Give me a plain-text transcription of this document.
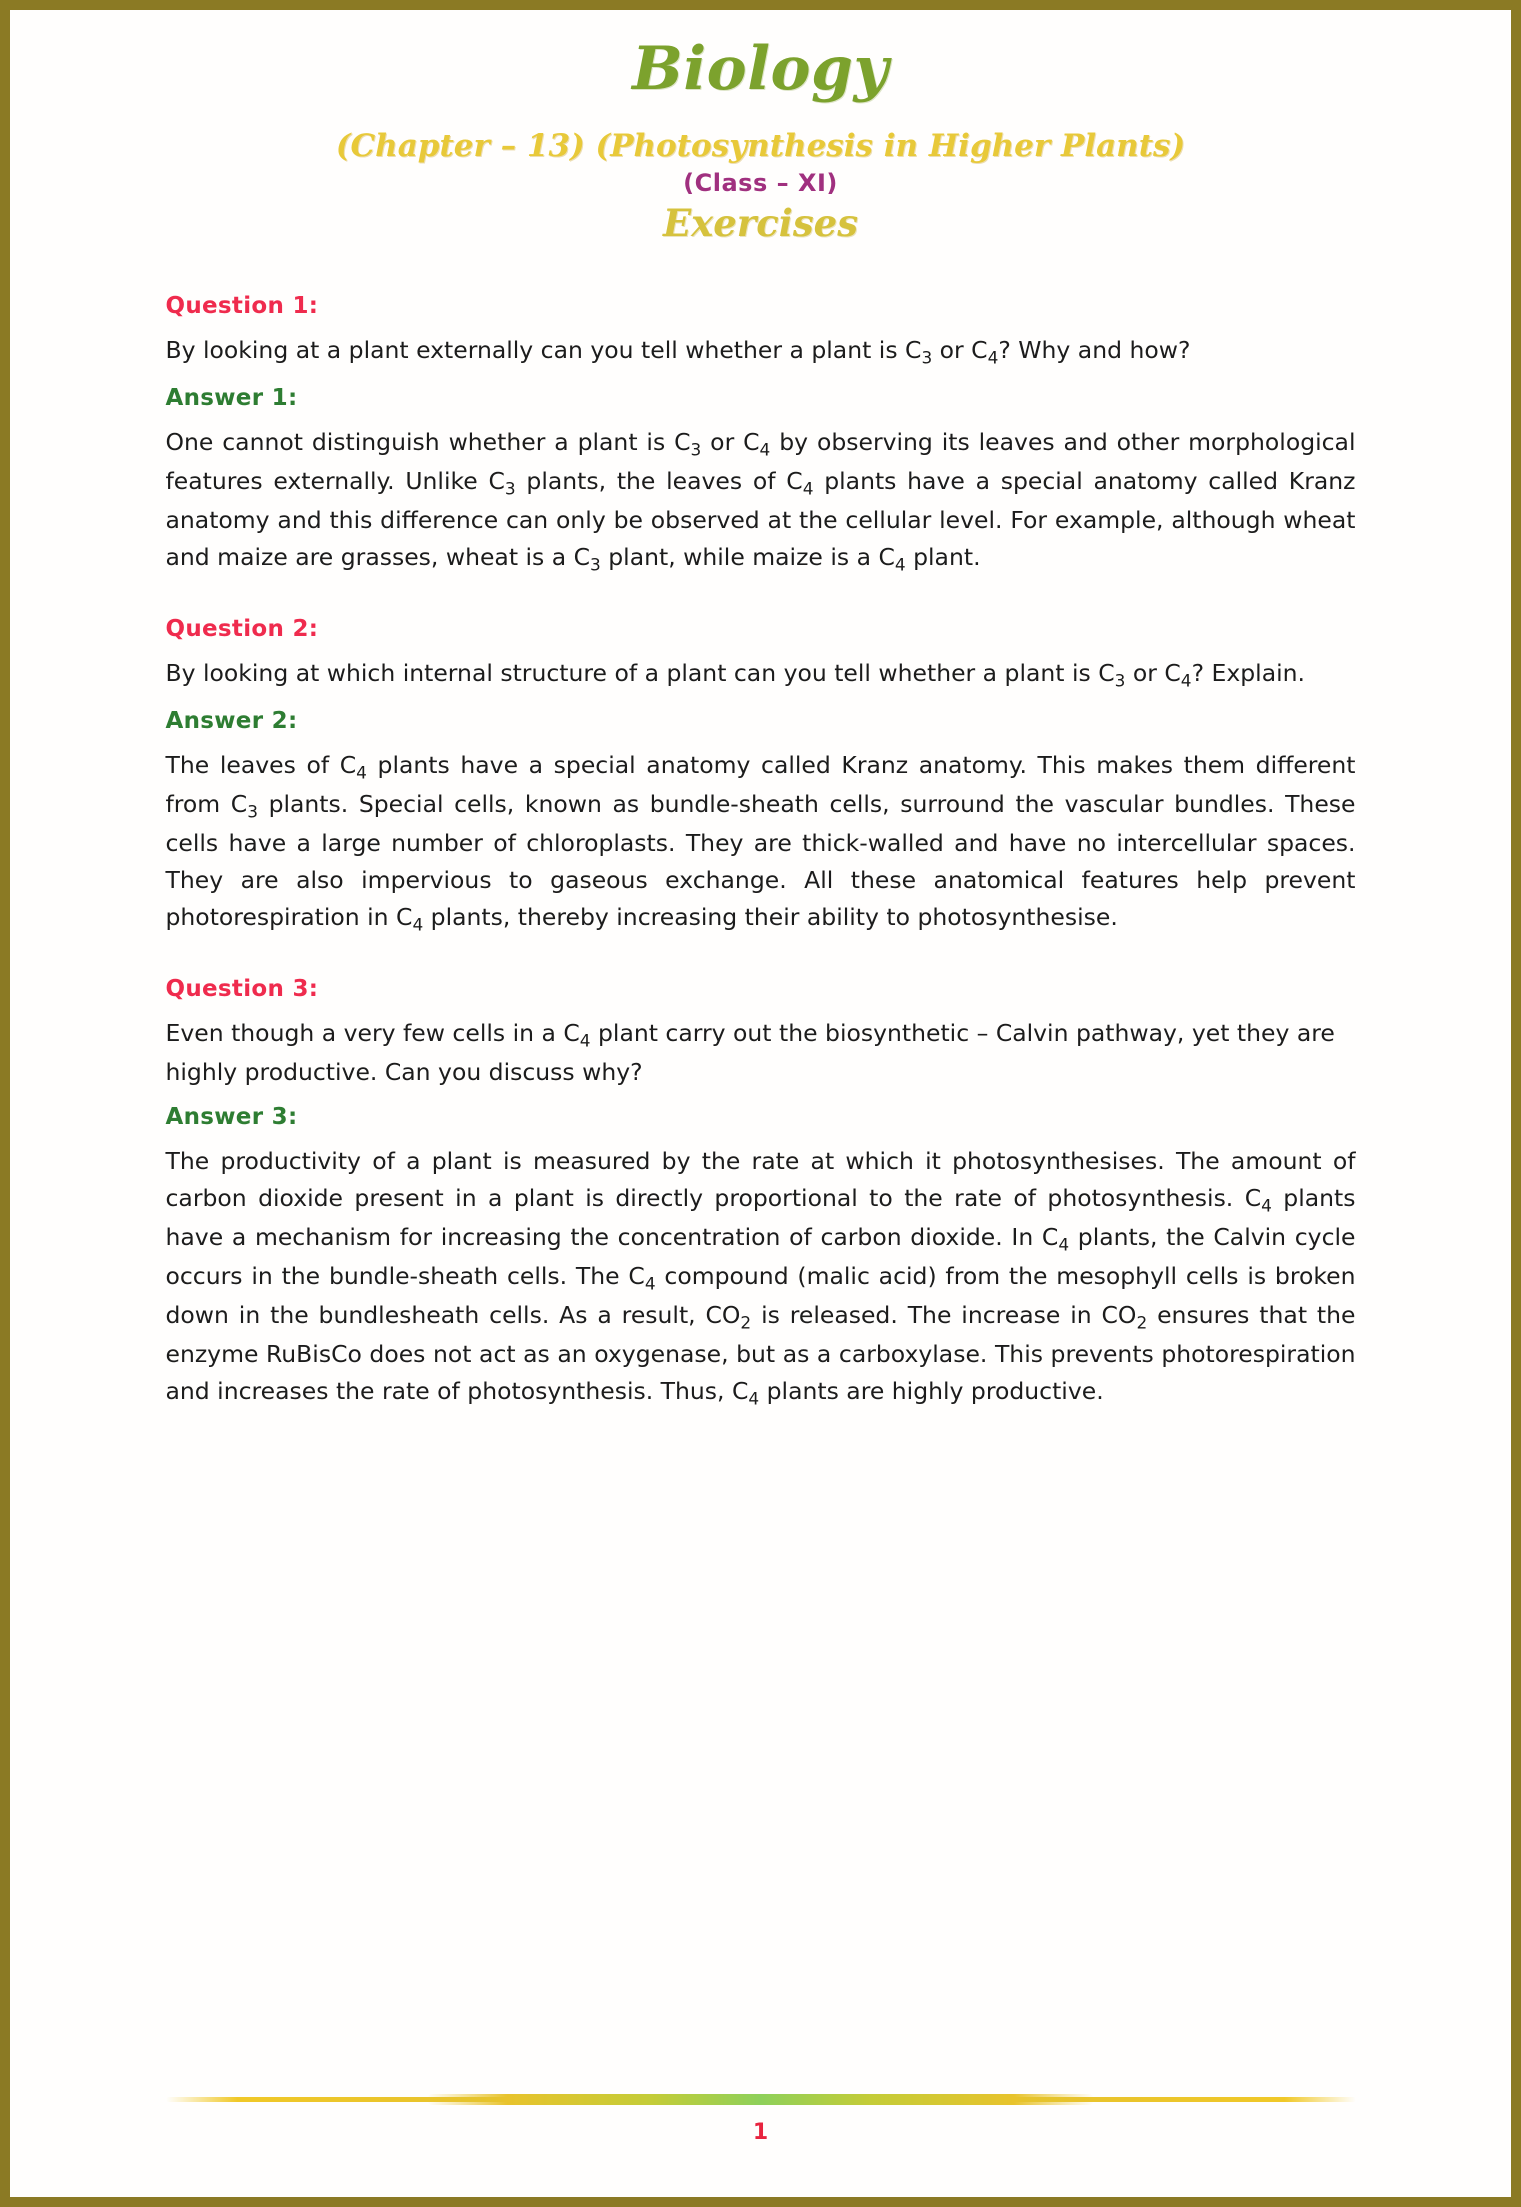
Biology
(Chapter – 13) (Photosynthesis in Higher Plants)
(Class – XI)
Exercises
Question 1:

By looking at a plant externally can you tell whether a plant is $C_3$ or $C_4$? Why and how?

Answer 1:

One cannot distinguish whether a plant is $C_3$ or $C_4$ by observing its leaves and other morphological features externally. Unlike $C_3$ plants, the leaves of $C_4$ plants have a special anatomy called Kranz anatomy and this difference can only be observed at the cellular level. For example, although wheat and maize are grasses, wheat is a $C_3$ plant, while maize is a $C_4$ plant.

Question 2:

By looking at which internal structure of a plant can you tell whether a plant is $C_3$ or $C_4$? Explain.

Answer 2:

The leaves of $C_4$ plants have a special anatomy called Kranz anatomy. This makes them different from $C_3$ plants. Special cells, known as bundle-sheath cells, surround the vascular bundles. These cells have a large number of chloroplasts. They are thick-walled and have no intercellular spaces. They are also impervious to gaseous exchange. All these anatomical features help prevent photorespiration in $C_4$ plants, thereby increasing their ability to photosynthesise.

Question 3:

Even though a very few cells in a $C_4$ plant carry out the biosynthetic – Calvin pathway, yet they are highly productive. Can you discuss why?

Answer 3:

The productivity of a plant is measured by the rate at which it photosynthesises. The amount of carbon dioxide present in a plant is directly proportional to the rate of photosynthesis. $C_4$ plants have a mechanism for increasing the concentration of carbon dioxide. In $C_4$ plants, the Calvin cycle occurs in the bundle-sheath cells. The $C_4$ compound (malic acid) from the mesophyll cells is broken down in the bundlesheath cells. As a result, $CO_2$ is released. The increase in $CO_2$ ensures that the enzyme RuBisCo does not act as an oxygenase, but as a carboxylase. This prevents photorespiration and increases the rate of photosynthesis. Thus, $C_4$ plants are highly productive.

1
